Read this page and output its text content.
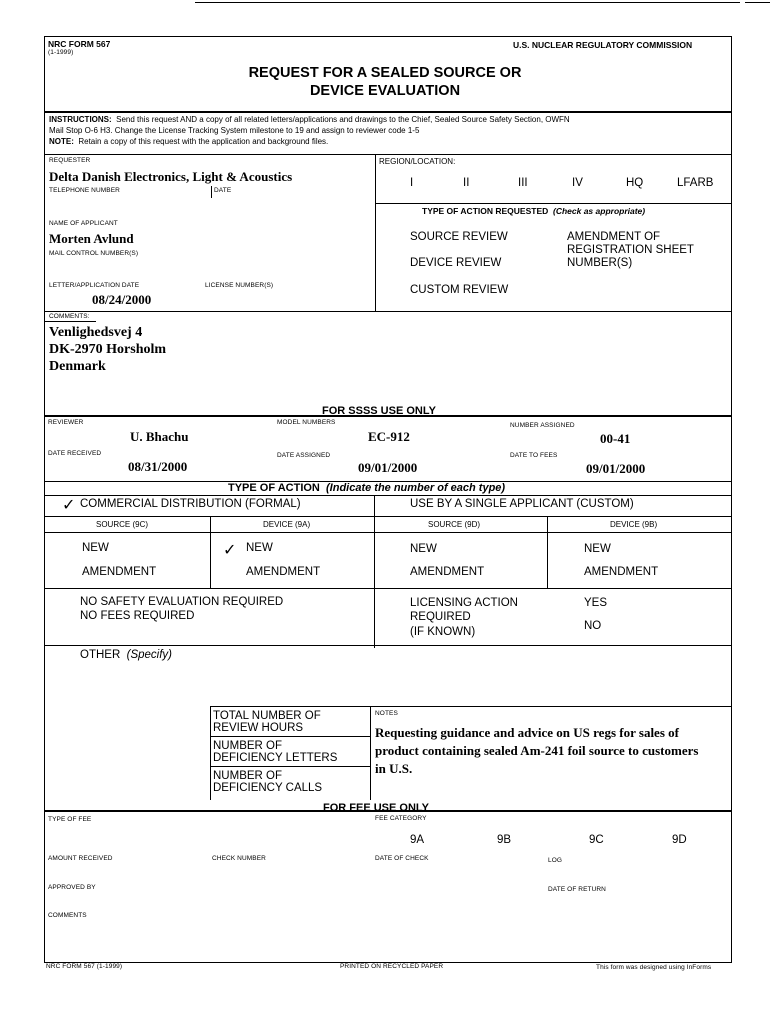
NRC FORM 567
(1-1999)
U.S. NUCLEAR REGULATORY COMMISSION
REQUEST FOR A SEALED SOURCE OR
DEVICE EVALUATION
INSTRUCTIONS: Send this request AND a copy of all related letters/applications and drawings to the Chief, Sealed Source Safety Section, OWFN
Mail Stop O-6 H3. Change the License Tracking System milestone to 19 and assign to reviewer code 1-5
NOTE: Retain a copy of this request with the application and background files.
REQUESTER
Delta Danish Electronics, Light & Acoustics
TELEPHONE NUMBER	DATE
NAME OF APPLICANT
Morten Avlund
MAIL CONTROL NUMBER(S)
LETTER/APPLICATION DATE
08/24/2000
LICENSE NUMBER(S)
REGION/LOCATION:
I	II	III	IV	HQ	LFARB
TYPE OF ACTION REQUESTED (Check as appropriate)
SOURCE REVIEW
DEVICE REVIEW
CUSTOM REVIEW
AMENDMENT OF
REGISTRATION SHEET
NUMBER(S)
COMMENTS:
Venlighedsvej 4
DK-2970 Horsholm
Denmark
FOR SSSS USE ONLY
REVIEWER
U. Bhachu
MODEL NUMBERS
EC-912
NUMBER ASSIGNED
00-41
DATE RECEIVED
08/31/2000
DATE ASSIGNED
09/01/2000
DATE TO FEES
09/01/2000
TYPE OF ACTION (Indicate the number of each type)
✓ COMMERCIAL DISTRIBUTION (FORMAL)	USE BY A SINGLE APPLICANT (CUSTOM)
SOURCE (9C)	DEVICE (9A)	SOURCE (9D)	DEVICE (9B)
NEW	✓ NEW	NEW	NEW
AMENDMENT	AMENDMENT	AMENDMENT	AMENDMENT
NO SAFETY EVALUATION REQUIRED
NO FEES REQUIRED
LICENSING ACTION
REQUIRED
(IF KNOWN)
YES
NO
OTHER (Specify)
TOTAL NUMBER OF
REVIEW HOURS
NUMBER OF
DEFICIENCY LETTERS
NUMBER OF
DEFICIENCY CALLS
NOTES
Requesting guidance and advice on US regs for sales of
product containing sealed Am-241 foil source to customers
in U.S.
FOR FEE USE ONLY
TYPE OF FEE	FEE CATEGORY
9A	9B	9C	9D
AMOUNT RECEIVED	CHECK NUMBER	DATE OF CHECK	LOG
APPROVED BY	DATE OF RETURN
COMMENTS
NRC FORM 567 (1-1999)	PRINTED ON RECYCLED PAPER	This form was designed using InForms
